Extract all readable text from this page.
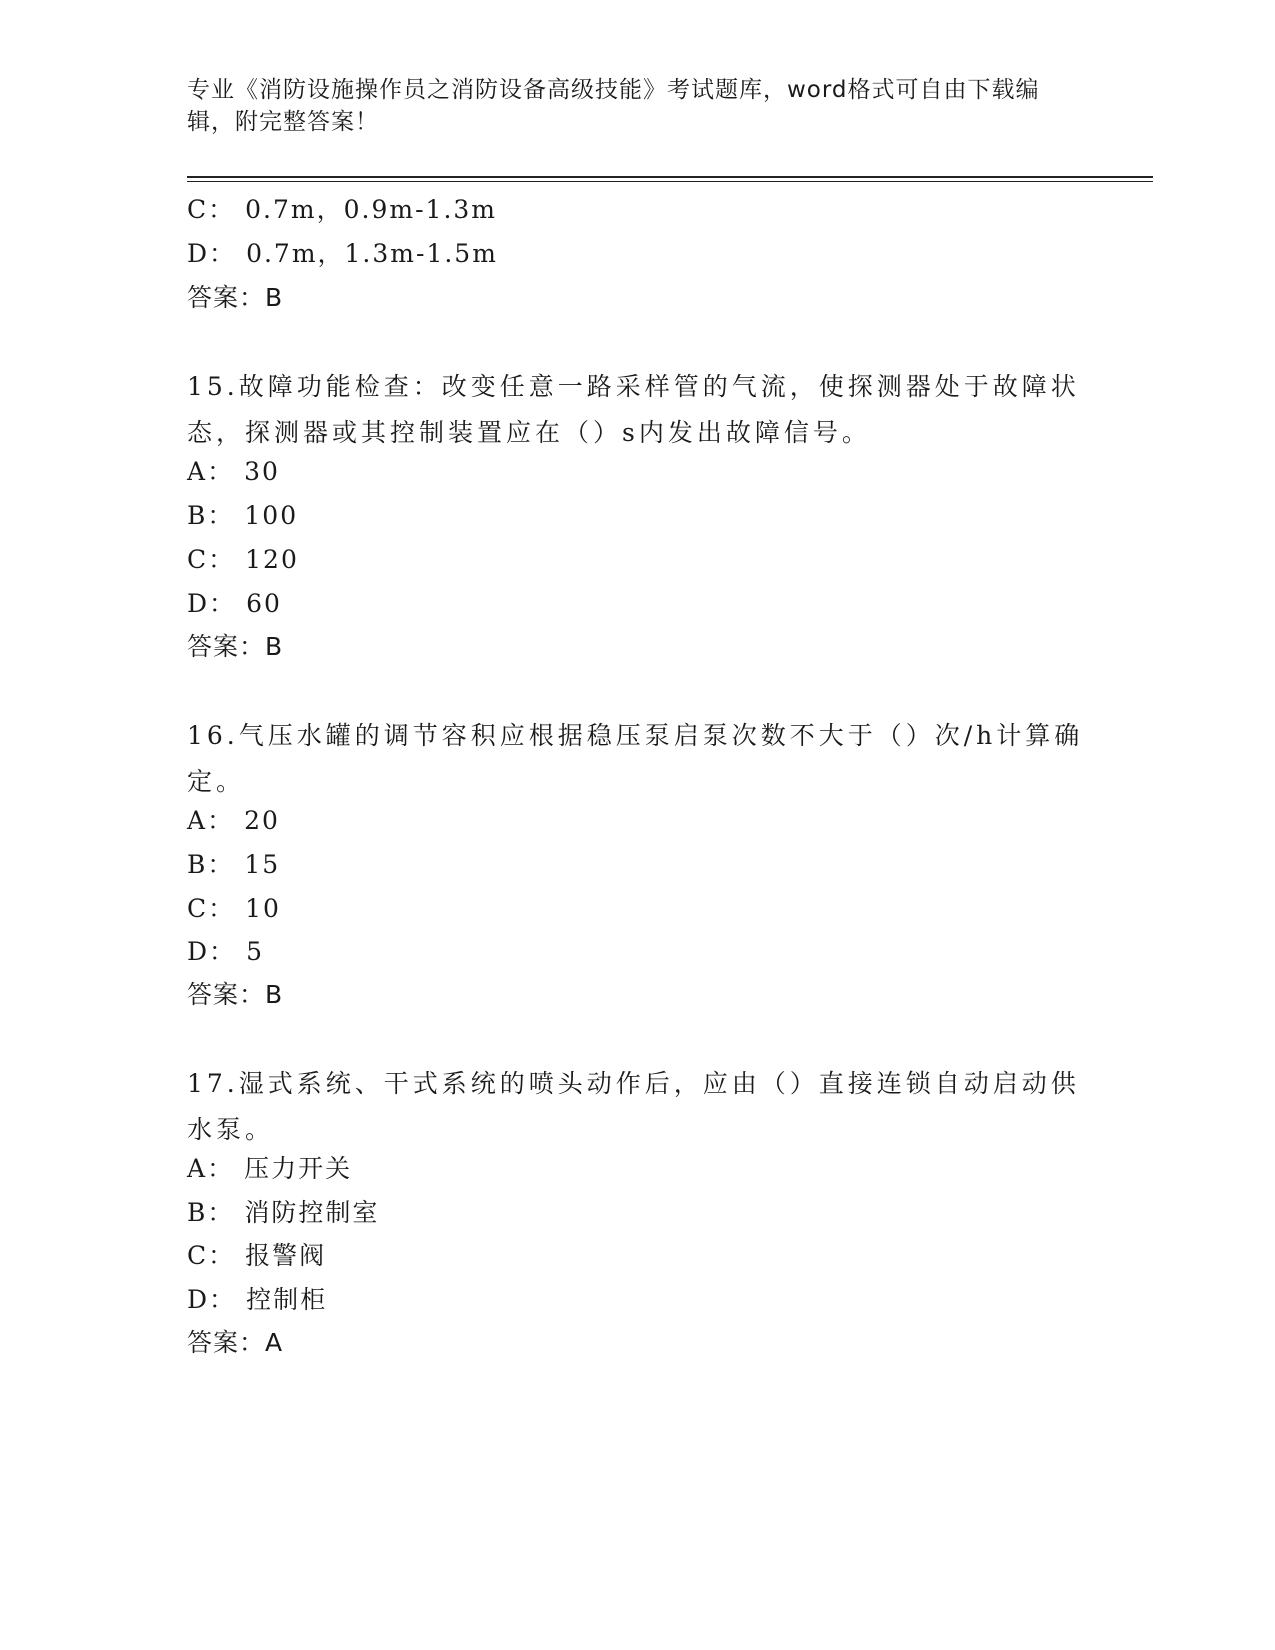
专业《消防设施操作员之消防设备高级技能》考试题库，word格式可自由下载编辑，附完整答案！
C： 0.7m，0.9m-1.3m
D： 0.7m，1.3m-1.5m
答案：B
15.故障功能检查：改变任意一路采样管的气流，使探测器处于故障状态，探测器或其控制装置应在（）s内发出故障信号。
A： 30
B： 100
C： 120
D： 60
答案：B
16.气压水罐的调节容积应根据稳压泵启泵次数不大于（）次/h计算确定。
A： 20
B： 15
C： 10
D： 5
答案：B
17.湿式系统、干式系统的喷头动作后，应由（）直接连锁自动启动供水泵。
A： 压力开关
B： 消防控制室
C： 报警阀
D： 控制柜
答案：A
